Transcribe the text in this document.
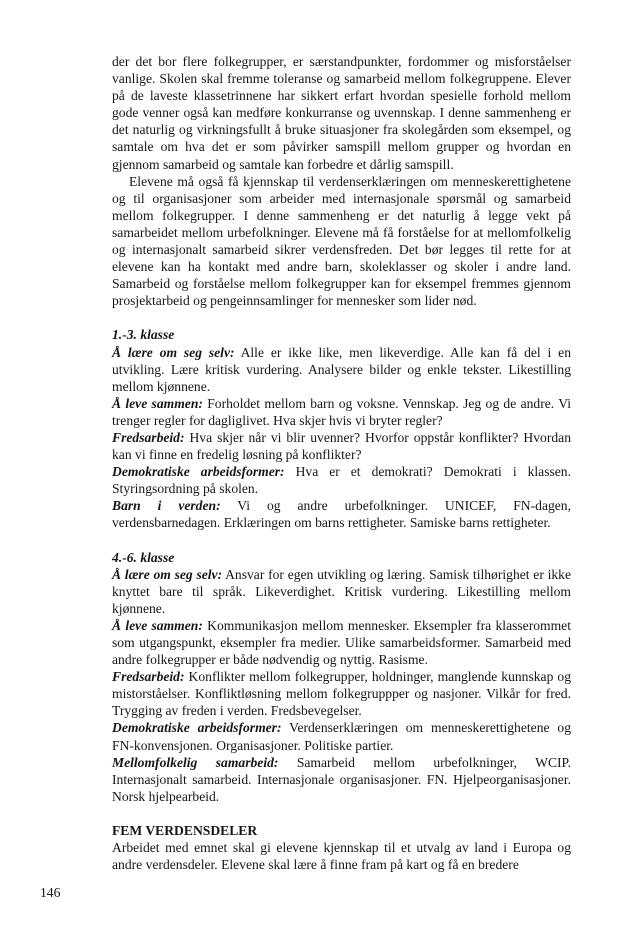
der det bor flere folkegrupper, er særstandpunkter, fordommer og misforståelser vanlige. Skolen skal fremme toleranse og samarbeid mellom folkegruppene. Elever på de laveste klassetrinnene har sikkert erfart hvordan spesielle forhold mellom gode venner også kan medføre konkurranse og uvennskap. I denne sammenheng er det naturlig og virkningsfullt å bruke situasjoner fra skolegården som eksempel, og samtale om hva det er som påvirker samspill mellom grupper og hvordan en gjennom samarbeid og samtale kan forbedre et dårlig samspill.

Elevene må også få kjennskap til verdenserklæringen om menneskerettighetene og til organisasjoner som arbeider med internasjonale spørsmål og samarbeid mellom folkegrupper. I denne sammenheng er det naturlig å legge vekt på samarbeidet mellom urbefolkninger. Elevene må få forståelse for at mellomfolkelig og internasjonalt samarbeid sikrer verdensfreden. Det bør legges til rette for at elevene kan ha kontakt med andre barn, skoleklasser og skoler i andre land. Samarbeid og forståelse mellom folkegrupper kan for eksempel fremmes gjennom prosjektarbeid og pengeinnsamlinger for mennesker som lider nød.

1.-3. klasse

Å lære om seg selv: Alle er ikke like, men likeverdige. Alle kan få del i en utvikling. Lære kritisk vurdering. Analysere bilder og enkle tekster. Likestilling mellom kjønnene.

Å leve sammen: Forholdet mellom barn og voksne. Vennskap. Jeg og de andre. Vi trenger regler for dagliglivet. Hva skjer hvis vi bryter regler?

Fredsarbeid: Hva skjer når vi blir uvenner? Hvorfor oppstår konflikter? Hvordan kan vi finne en fredelig løsning på konflikter?

Demokratiske arbeidsformer: Hva er et demokrati? Demokrati i klassen. Styringsordning på skolen.

Barn i verden: Vi og andre urbefolkninger. UNICEF, FN-dagen, verdensbarnedagen. Erklæringen om barns rettigheter. Samiske barns rettigheter.

4.-6. klasse

Å lære om seg selv: Ansvar for egen utvikling og læring. Samisk tilhørighet er ikke knyttet bare til språk. Likeverdighet. Kritisk vurdering. Likestilling mellom kjønnene.

Å leve sammen: Kommunikasjon mellom mennesker. Eksempler fra klasserommet som utgangspunkt, eksempler fra medier. Ulike samarbeidsformer. Samarbeid med andre folkegrupper er både nødvendig og nyttig. Rasisme.

Fredsarbeid: Konflikter mellom folkegrupper, holdninger, manglende kunnskap og mistorståelser. Konfliktløsning mellom folkegruppper og nasjoner. Vilkår for fred. Trygging av freden i verden. Fredsbevegelser.

Demokratiske arbeidsformer: Verdenserklæringen om menneskerettighetene og FN-konvensjonen. Organisasjoner. Politiske partier.

Mellomfolkelig samarbeid: Samarbeid mellom urbefolkninger, WCIP. Internasjonalt samarbeid. Internasjonale organisasjoner. FN. Hjelpeorganisasjoner. Norsk hjelpearbeid.

FEM VERDENSDELER

Arbeidet med emnet skal gi elevene kjennskap til et utvalg av land i Europa og andre verdensdeler. Elevene skal lære å finne fram på kart og få en bredere

146
